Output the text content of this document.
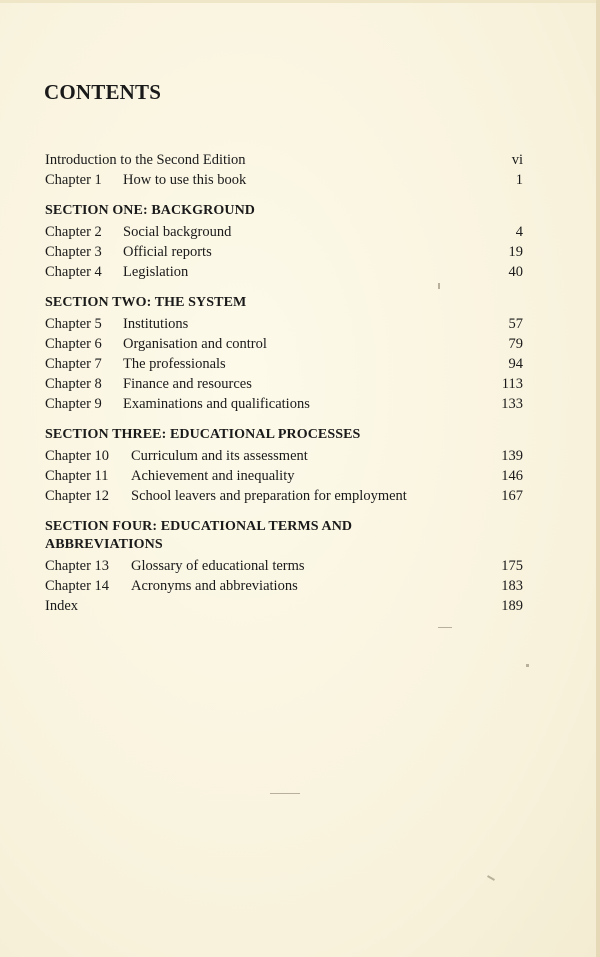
CONTENTS
Introduction to the Second Edition	vi
Chapter 1 How to use this book	1
SECTION ONE: BACKGROUND
Chapter 2 Social background	4
Chapter 3 Official reports	19
Chapter 4 Legislation	40
SECTION TWO: THE SYSTEM
Chapter 5 Institutions	57
Chapter 6 Organisation and control	79
Chapter 7 The professionals	94
Chapter 8 Finance and resources	113
Chapter 9 Examinations and qualifications	133
SECTION THREE: EDUCATIONAL PROCESSES
Chapter 10 Curriculum and its assessment	139
Chapter 11 Achievement and inequality	146
Chapter 12 School leavers and preparation for employment	167
SECTION FOUR: EDUCATIONAL TERMS AND ABBREVIATIONS
Chapter 13 Glossary of educational terms	175
Chapter 14 Acronyms and abbreviations	183
Index	189
